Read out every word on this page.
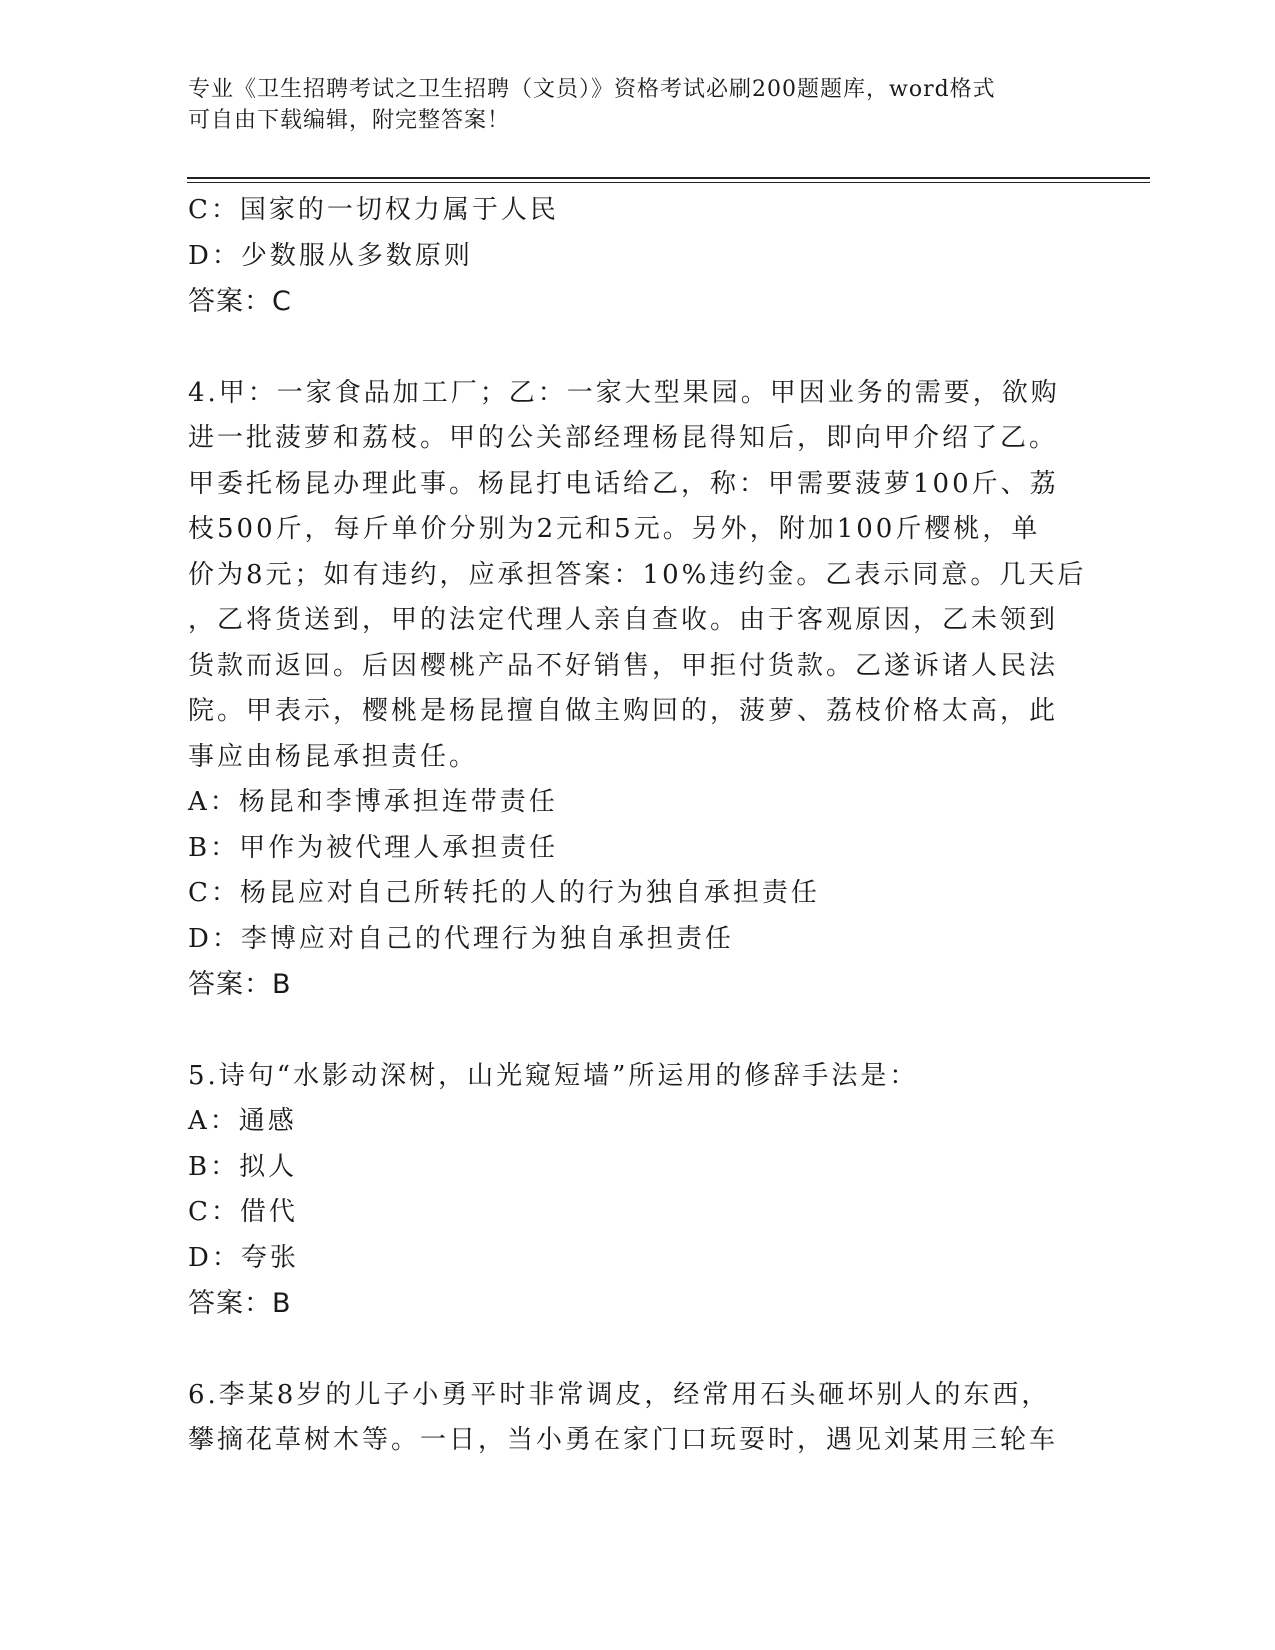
专业《卫生招聘考试之卫生招聘（文员）》资格考试必刷200题题库，word格式
可自由下载编辑，附完整答案！
C：国家的一切权力属于人民
D：少数服从多数原则
答案：C
4.甲：一家食品加工厂；乙：一家大型果园。甲因业务的需要，欲购
进一批菠萝和荔枝。甲的公关部经理杨昆得知后，即向甲介绍了乙。
甲委托杨昆办理此事。杨昆打电话给乙，称：甲需要菠萝100斤、荔
枝500斤，每斤单价分别为2元和5元。另外，附加100斤樱桃，单
价为8元；如有违约，应承担答案：10%违约金。乙表示同意。几天后
，乙将货送到，甲的法定代理人亲自查收。由于客观原因，乙未领到
货款而返回。后因樱桃产品不好销售，甲拒付货款。乙遂诉诸人民法
院。甲表示，樱桃是杨昆擅自做主购回的，菠萝、荔枝价格太高，此
事应由杨昆承担责任。
A：杨昆和李博承担连带责任
B：甲作为被代理人承担责任
C：杨昆应对自己所转托的人的行为独自承担责任
D：李博应对自己的代理行为独自承担责任
答案：B
5.诗句“水影动深树，山光窥短墙”所运用的修辞手法是：
A：通感
B：拟人
C：借代
D：夸张
答案：B
6.李某8岁的儿子小勇平时非常调皮，经常用石头砸坏别人的东西，
攀摘花草树木等。一日，当小勇在家门口玩耍时，遇见刘某用三轮车
